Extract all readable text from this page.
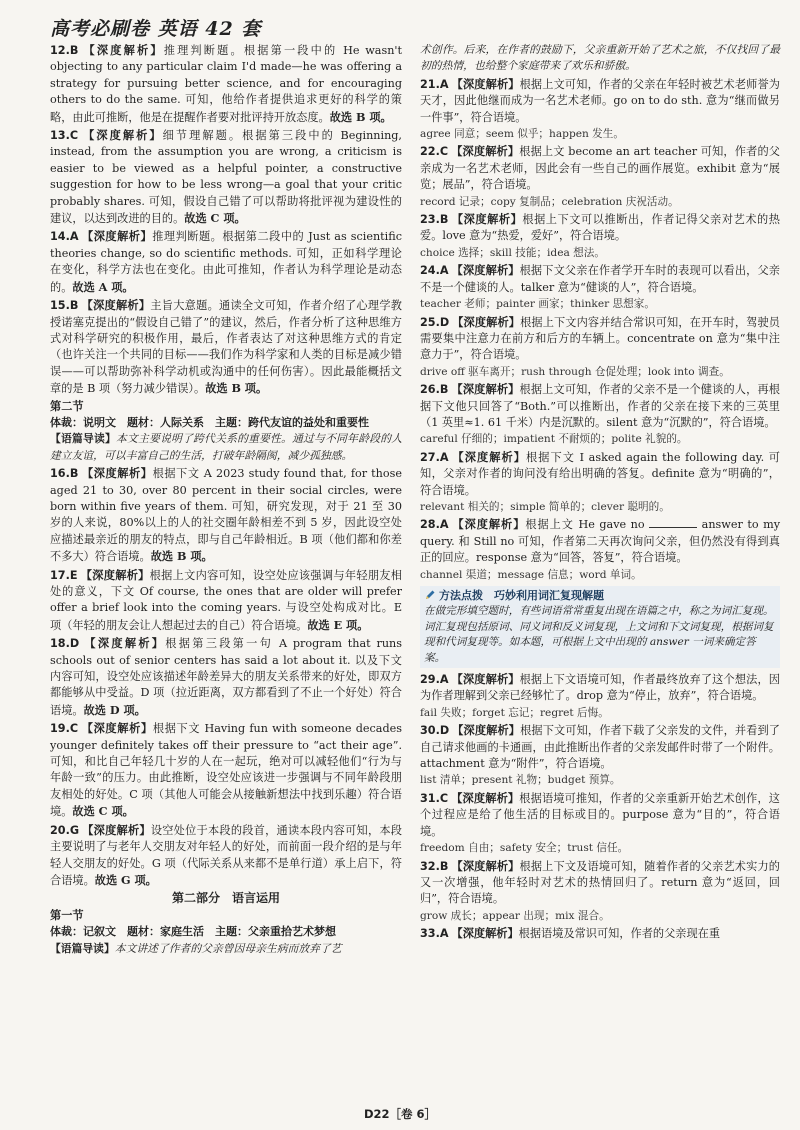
高考必刷卷 英语 42 套

12.B 【深度解析】推理判断题。根据第一段中的 He wasn't objecting to any particular claim I'd made—he was offering a strategy for pursuing better science, and for encouraging others to do the same. 可知，他给作者提供追求更好的科学的策略，由此可推断，他是在提醒作者要对批评持开放态度。故选 B 项。

13.C 【深度解析】细节理解题。根据第三段中的 Beginning, instead, from the assumption you are wrong, a criticism is easier to be viewed as a helpful pointer, a constructive suggestion for how to be less wrong—a goal that your critic probably shares. 可知，假设自己错了可以帮助将批评视为建设性的建议，以达到改进的目的。故选 C 项。

14.A 【深度解析】推理判断题。根据第二段中的 Just as scientific theories change, so do scientific methods. 可知，正如科学理论在变化，科学方法也在变化。由此可推知，作者认为科学理论是动态的。故选 A 项。

15.B 【深度解析】主旨大意题。通读全文可知，作者介绍了心理学教授诺塞克提出的“假设自己错了”的建议，然后，作者分析了这种思维方式对科学研究的积极作用，最后，作者表达了对这种思维方式的肯定（也许关注一个共同的目标——我们作为科学家和人类的目标是减少错误——可以帮助弥补科学动机或沟通中的任何伤害）。因此最能概括文章的是 B 项（努力减少错误）。故选 B 项。

第二节
体裁：说明文　题材：人际关系　主题：跨代友谊的益处和重要性

【语篇导读】本文主要说明了跨代关系的重要性。通过与不同年龄段的人建立友谊，可以丰富自己的生活，打破年龄隔阂，减少孤独感。

16.B 【深度解析】根据下文 A 2023 study found that, for those aged 21 to 30, over 80 percent in their social circles, were born within five years of them. 可知，研究发现，对于 21 至 30 岁的人来说，80%以上的人的社交圈年龄相差不到 5 岁，因此设空处应描述最亲近的朋友的特点，即与自己年龄相近。B 项（他们都和你差不多大）符合语境。故选 B 项。

17.E 【深度解析】根据上文内容可知，设空处应该强调与年轻朋友相处的意义，下文 Of course, the ones that are older will prefer offer a brief look into the coming years. 与设空处构成对比。E 项（年轻的朋友会让人想起过去的自己）符合语境。故选 E 项。

18.D 【深度解析】根据第三段第一句 A program that runs schools out of senior centers has said a lot about it. 以及下文内容可知，设空处应该描述年龄差异大的朋友关系带来的好处，即双方都能够从中受益。D 项（拉近距离，双方都看到了不止一个好处）符合语境。故选 D 项。

19.C 【深度解析】根据下文 Having fun with someone decades younger definitely takes off their pressure to “act their age”. 可知，和比自己年轻几十岁的人在一起玩，绝对可以减轻他们“行为与年龄一致”的压力。由此推断，设空处应该进一步强调与不同年龄段朋友相处的好处。C 项（其他人可能会从接触新想法中找到乐趣）符合语境。故选 C 项。

20.G 【深度解析】设空处位于本段的段首，通读本段内容可知，本段主要说明了与老年人交朋友对年轻人的好处，而前面一段介绍的是与年轻人交朋友的好处。G 项（代际关系从来都不是单行道）承上启下，符合语境。故选 G 项。

第二部分　语言运用
第一节
体裁：记叙文　题材：家庭生活　主题：父亲重拾艺术梦想

【语篇导读】本文讲述了作者的父亲曾因母亲生病而放弃了艺

术创作。后来，在作者的鼓励下，父亲重新开始了艺术之旅，不仅找回了最初的热情，也给整个家庭带来了欢乐和骄傲。

21.A 【深度解析】根据上文可知，作者的父亲在年轻时被艺术老师誉为天才，因此他继而成为一名艺术老师。go on to do sth. 意为“继而做另一件事”，符合语境。
agree 同意；seem 似乎；happen 发生。

22.C 【深度解析】根据上文 become an art teacher 可知，作者的父亲成为一名艺术老师，因此会有一些自己的画作展览。exhibit 意为“展览；展品”，符合语境。
record 记录；copy 复制品；celebration 庆祝活动。

23.B 【深度解析】根据上下文可以推断出，作者记得父亲对艺术的热爱。love 意为“热爱，爱好”，符合语境。
choice 选择；skill 技能；idea 想法。

24.A 【深度解析】根据下文父亲在作者学开车时的表现可以看出，父亲不是一个健谈的人。talker 意为“健谈的人”，符合语境。
teacher 老师；painter 画家；thinker 思想家。

25.D 【深度解析】根据上下文内容并结合常识可知，在开车时，驾驶员需要集中注意力在前方和后方的车辆上。concentrate on 意为“集中注意力于”，符合语境。
drive off 驱车离开；rush through 仓促处理；look into 调查。

26.B 【深度解析】根据上文可知，作者的父亲不是一个健谈的人，再根据下文他只回答了“Both.”可以推断出，作者的父亲在接下来的三英里（1 英里≈1. 61 千米）内是沉默的。silent 意为“沉默的”，符合语境。
careful 仔细的；impatient 不耐烦的；polite 礼貌的。

27.A 【深度解析】根据下文 I asked again the following day. 可知，父亲对作者的询问没有给出明确的答复。definite 意为“明确的”，符合语境。
relevant 相关的；simple 简单的；clever 聪明的。

28.A 【深度解析】根据上文 He gave no	answer to my query. 和 Still no 可知，作者第二天再次询问父亲，但仍然没有得到真正的回应。response 意为“回答，答复”，符合语境。
channel 渠道；message 信息；word 单词。

方法点拨　巧妙利用词汇复现解题
在做完形填空题时，有些词语常常重复出现在语篇之中，称之为词汇复现。词汇复现包括原词、同义词和反义词复现，上文词和下文词复现，根据词复现和代词复现等。如本题，可根据上文中出现的 answer 一词来确定答案。

29.A 【深度解析】根据上下文语境可知，作者最终放弃了这个想法，因为作者理解到父亲已经够忙了。drop 意为“停止，放弃”，符合语境。
fail 失败；forget 忘记；regret 后悔。

30.D 【深度解析】根据下文可知，作者下载了父亲发的文件，并看到了自己请求他画的卡通画，由此推断出作者的父亲发邮件时带了一个附件。attachment 意为“附件”，符合语境。
list 清单；present 礼物；budget 预算。

31.C 【深度解析】根据语境可推知，作者的父亲重新开始艺术创作，这个过程应是给了他生活的目标或目的。purpose 意为“目的”，符合语境。
freedom 自由；safety 安全；trust 信任。

32.B 【深度解析】根据上下文及语境可知，随着作者的父亲艺术实力的又一次增强，他年轻时对艺术的热情回归了。return 意为“返回，回归”，符合语境。
grow 成长；appear 出现；mix 混合。

33.A 【深度解析】根据语境及常识可知，作者的父亲现在重

D22［卷 6］
